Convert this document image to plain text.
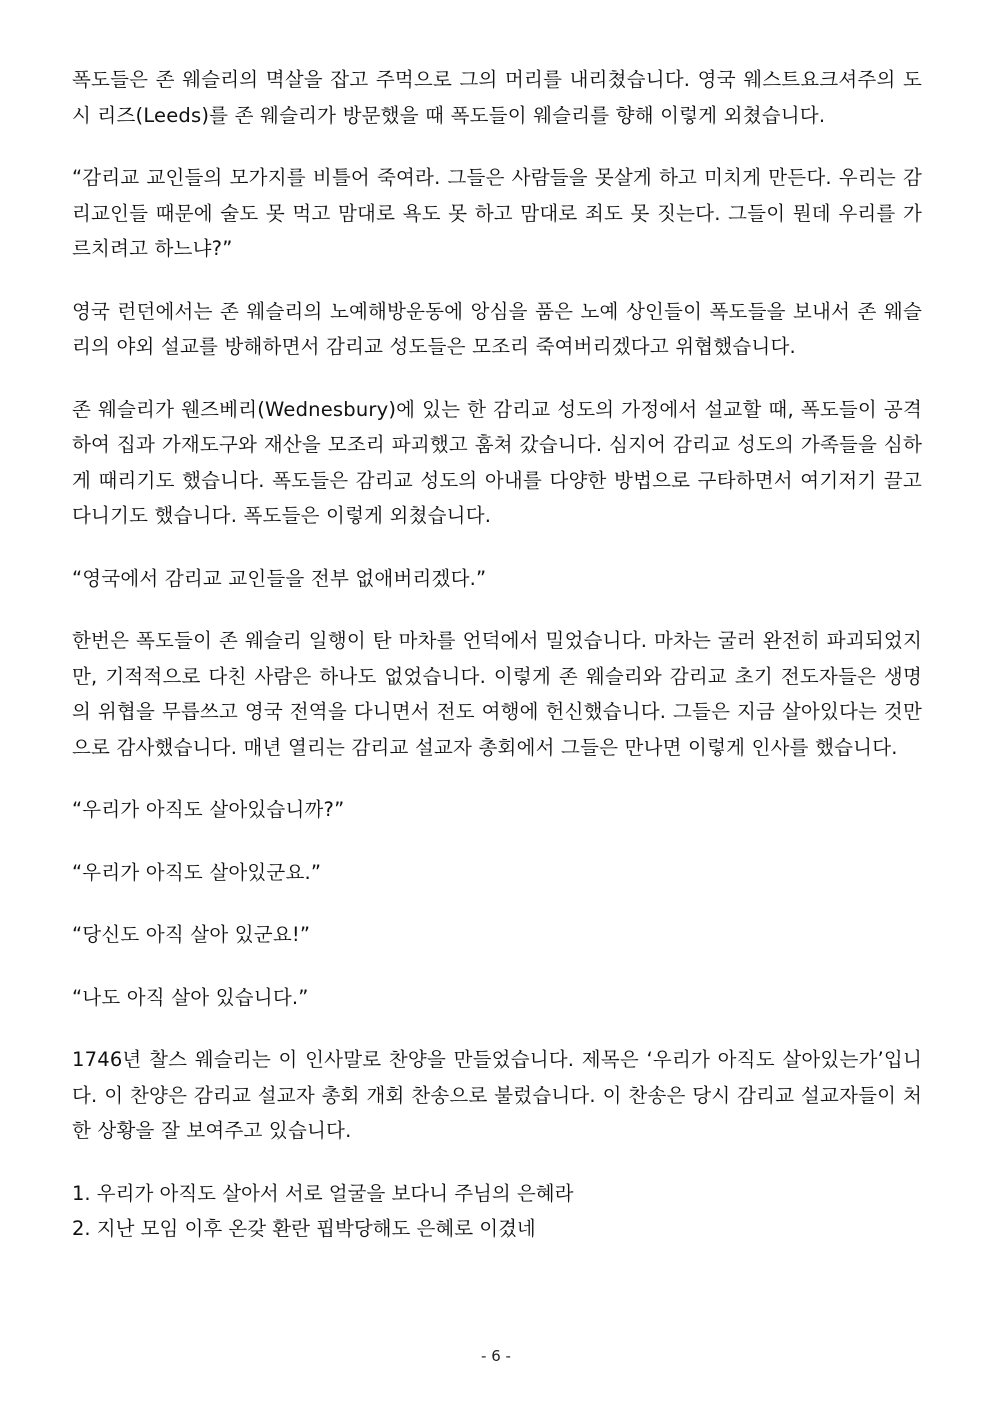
폭도들은 존 웨슬리의 멱살을 잡고 주먹으로 그의 머리를 내리쳤습니다. 영국 웨스트요크셔주의 도시 리즈(Leeds)를 존 웨슬리가 방문했을 때 폭도들이 웨슬리를 향해 이렇게 외쳤습니다.

“감리교 교인들의 모가지를 비틀어 죽여라. 그들은 사람들을 못살게 하고 미치게 만든다. 우리는 감리교인들 때문에 술도 못 먹고 맘대로 욕도 못 하고 맘대로 죄도 못 짓는다. 그들이 뭔데 우리를 가르치려고 하느냐?”

영국 런던에서는 존 웨슬리의 노예해방운동에 앙심을 품은 노예 상인들이 폭도들을 보내서 존 웨슬리의 야외 설교를 방해하면서 감리교 성도들은 모조리 죽여버리겠다고 위협했습니다.

존 웨슬리가 웬즈베리(Wednesbury)에 있는 한 감리교 성도의 가정에서 설교할 때, 폭도들이 공격하여 집과 가재도구와 재산을 모조리 파괴했고 훔쳐 갔습니다. 심지어 감리교 성도의 가족들을 심하게 때리기도 했습니다. 폭도들은 감리교 성도의 아내를 다양한 방법으로 구타하면서 여기저기 끌고 다니기도 했습니다. 폭도들은 이렇게 외쳤습니다.

“영국에서 감리교 교인들을 전부 없애버리겠다.”

한번은 폭도들이 존 웨슬리 일행이 탄 마차를 언덕에서 밀었습니다. 마차는 굴러 완전히 파괴되었지만, 기적적으로 다친 사람은 하나도 없었습니다. 이렇게 존 웨슬리와 감리교 초기 전도자들은 생명의 위협을 무릅쓰고 영국 전역을 다니면서 전도 여행에 헌신했습니다. 그들은 지금 살아있다는 것만으로 감사했습니다. 매년 열리는 감리교 설교자 총회에서 그들은 만나면 이렇게 인사를 했습니다.

“우리가 아직도 살아있습니까?”

“우리가 아직도 살아있군요.”

“당신도 아직 살아 있군요!”

“나도 아직 살아 있습니다.”

1746년 찰스 웨슬리는 이 인사말로 찬양을 만들었습니다. 제목은 ‘우리가 아직도 살아있는가’입니다. 이 찬양은 감리교 설교자 총회 개회 찬송으로 불렀습니다. 이 찬송은 당시 감리교 설교자들이 처한 상황을 잘 보여주고 있습니다.

1. 우리가 아직도 살아서 서로 얼굴을 보다니 주님의 은혜라
2. 지난 모임 이후 온갖 환란 핍박당해도 은혜로 이겼네
- 6 -
